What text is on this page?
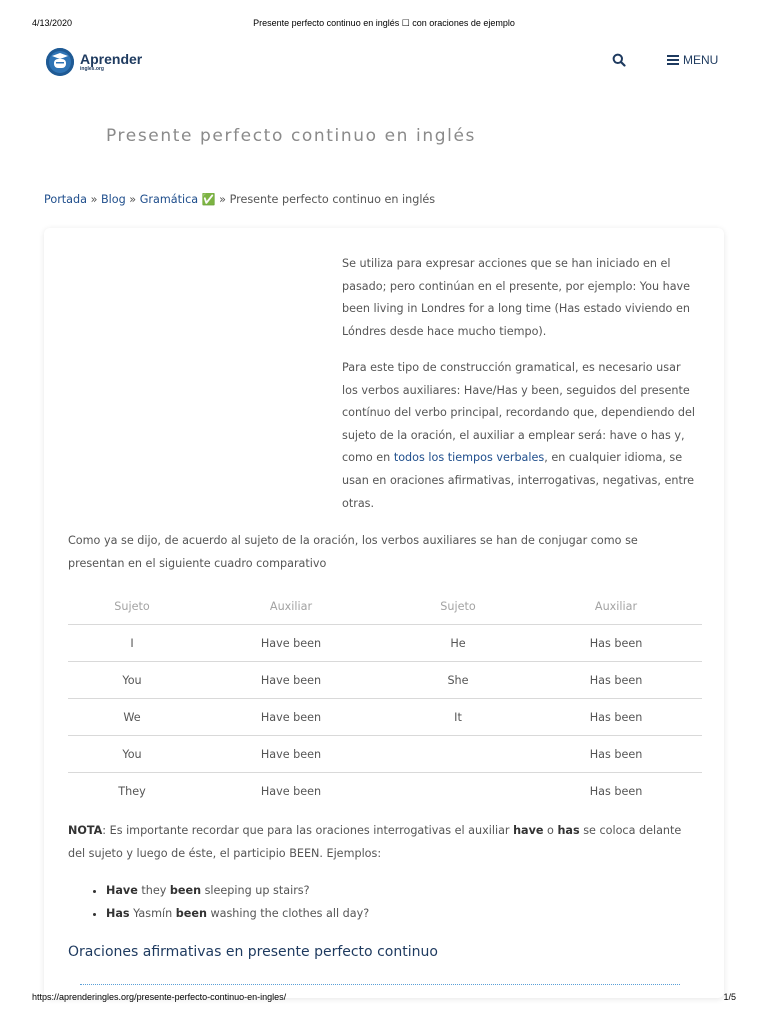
4/13/2020	Presente perfecto continuo en inglés ☐ con oraciones de ejemplo
Aprender
ingles.org
MENU
Presente perfecto continuo en inglés
Portada » Blog » Gramática ✅ » Presente perfecto continuo en inglés

Se utiliza para expresar acciones que se han iniciado en el pasado; pero continúan en el presente, por ejemplo: You have been living in Londres for a long time (Has estado viviendo en Lóndres desde hace mucho tiempo).

Para este tipo de construcción gramatical, es necesario usar los verbos auxiliares: Have/Has y been, seguidos del presente contínuo del verbo principal, recordando que, dependiendo del sujeto de la oración, el auxiliar a emplear será: have o has y, como en todos los tiempos verbales, en cualquier idioma, se usan en oraciones afirmativas, interrogativas, negativas, entre otras.

Como ya se dijo, de acuerdo al sujeto de la oración, los verbos auxiliares se han de conjugar como se presentan en el siguiente cuadro comparativo

Sujeto	Auxiliar	Sujeto	Auxiliar
I	Have been	He	Has been
You	Have been	She	Has been
We	Have been	It	Has been
You	Have been		Has been
They	Have been		Has been

NOTA: Es importante recordar que para las oraciones interrogativas el auxiliar have o has se coloca delante del sujeto y luego de éste, el participio BEEN. Ejemplos:

• Have they been sleeping up stairs?
• Has Yasmín been washing the clothes all day?
Oraciones afirmativas en presente perfecto continuo
https://aprenderingles.org/presente-perfecto-continuo-en-ingles/	1/5
